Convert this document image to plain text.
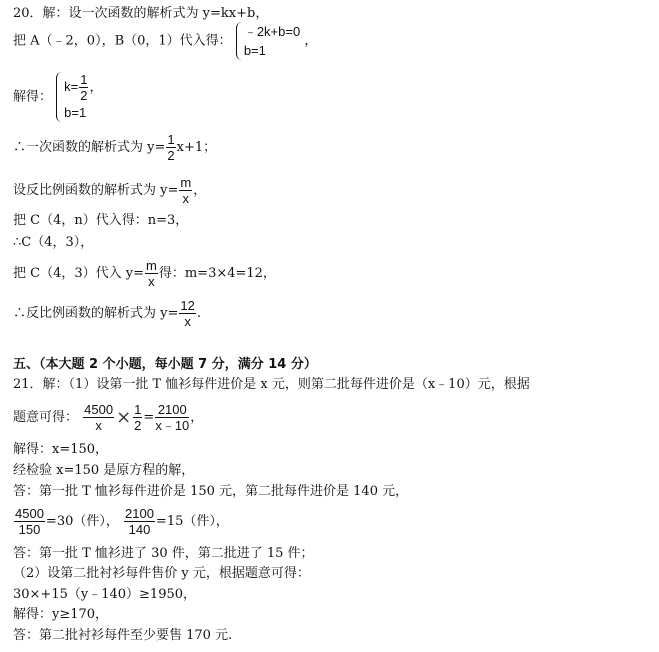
20．解：设一次函数的解析式为 y=kx+b，
把 A（﹣2，0），B（0，1）代入得：
﹣2k+b=0
b=1
，
解得：
$k= \frac{1}{2}$ ，
b=1
∴一次函数的解析式为 $y= \frac{1}{2} x+1$；
设反比例函数的解析式为 $y= \frac{m}{x}$ ，
把 C（4，n）代入得：n=3，
∴C（4，3），
把 C（4，3）代入 $y= \frac{m}{x}$ 得：m=3×4=12，
∴反比例函数的解析式为 $y= \frac{12}{x}$ .
五、（本大题 2 个小题，每小题 7 分，满分 14 分）
21．解：（1）设第一批 T 恤衫每件进价是 x 元，则第二批每件进价是（x﹣10）元，根据
题意可得： $\frac{4500}{x} \times \frac{1}{2} = \frac{2100}{x﹣10}$ ，
解得：x=150，
经检验 x=150 是原方程的解，
答：第一批 T 恤衫每件进价是 150 元，第二批每件进价是 140 元，
$\frac{4500}{150} =30$（件）， $\frac{2100}{140} =15$（件），
答：第一批 T 恤衫进了 30 件，第二批进了 15 件；
（2）设第二批衬衫每件售价 y 元，根据题意可得：
30×+15（y﹣140）≥1950，
解得：y≥170，
答：第二批衬衫每件至少要售 170 元.
